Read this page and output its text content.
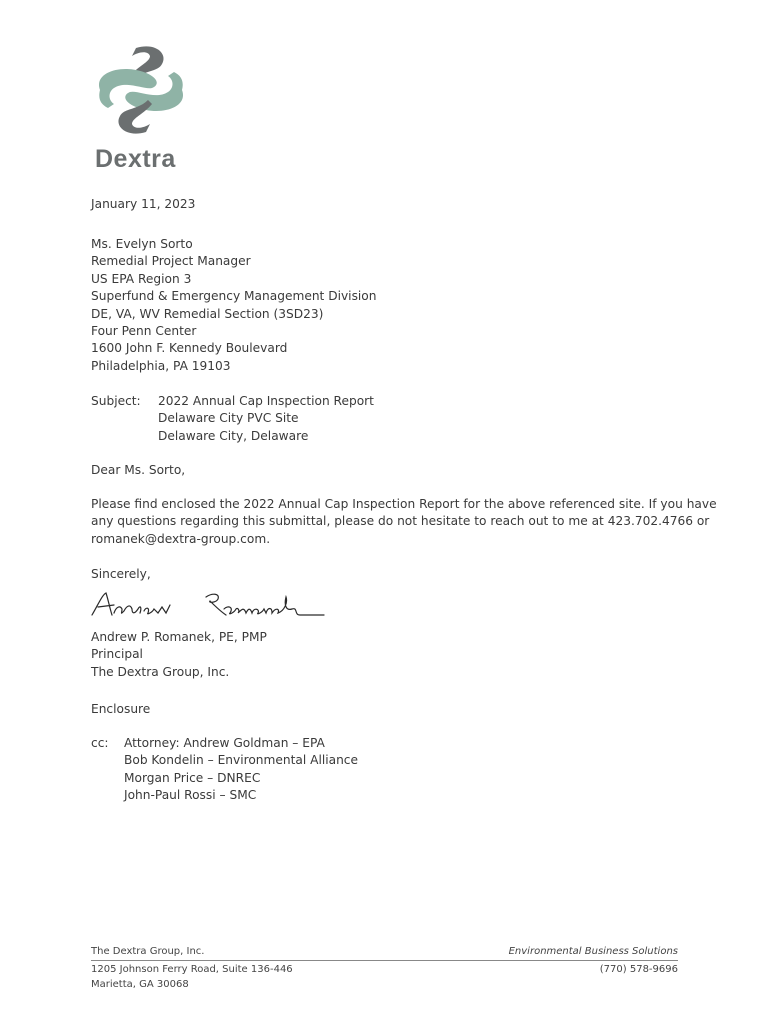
Dextra
January 11, 2023
Ms. Evelyn Sorto
Remedial Project Manager
US EPA Region 3
Superfund & Emergency Management Division
DE, VA, WV Remedial Section (3SD23)
Four Penn Center
1600 John F. Kennedy Boulevard
Philadelphia, PA 19103
Subject: 2022 Annual Cap Inspection Report
Delaware City PVC Site
Delaware City, Delaware
Dear Ms. Sorto,
Please find enclosed the 2022 Annual Cap Inspection Report for the above referenced site. If you have
any questions regarding this submittal, please do not hesitate to reach out to me at 423.702.4766 or
romanek@dextra-group.com.
Sincerely,
Andrew P. Romanek, PE, PMP
Principal
The Dextra Group, Inc.
Enclosure
cc: Attorney: Andrew Goldman – EPA
Bob Kondelin – Environmental Alliance
Morgan Price – DNREC
John-Paul Rossi – SMC
The Dextra Group, Inc.	Environmental Business Solutions
1205 Johnson Ferry Road, Suite 136-446
Marietta, GA 30068
(770) 578-9696
